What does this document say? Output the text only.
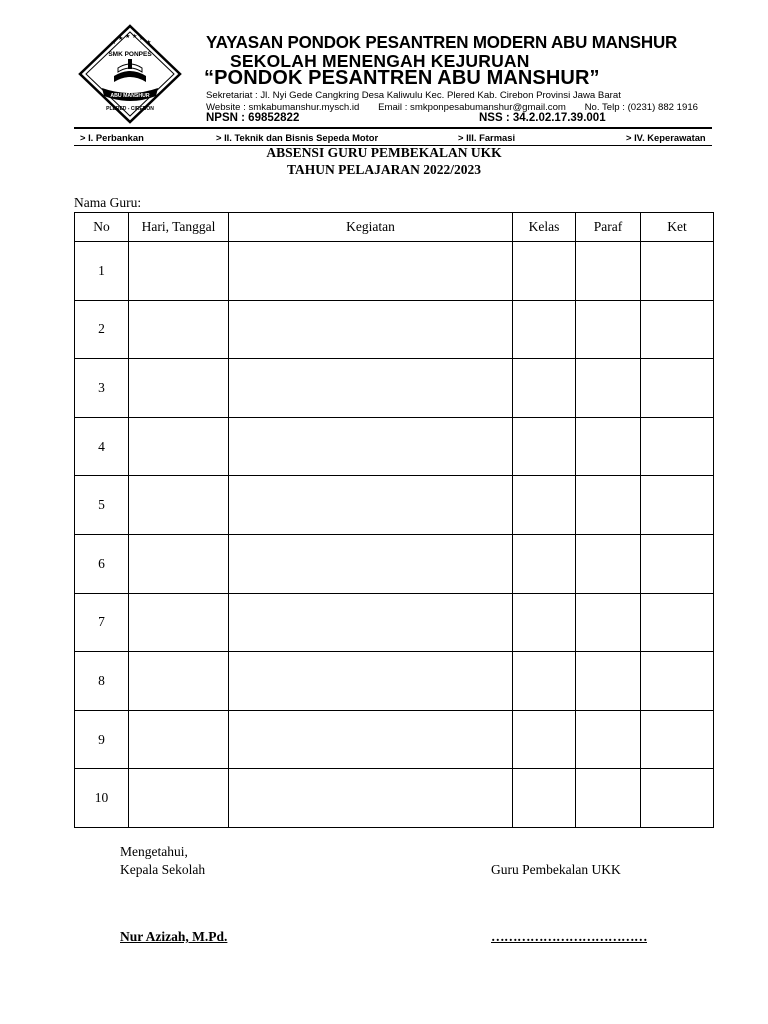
★
★ ★ ★ ★
★
SMK PONPES
ABU MANSHUR
PLERED - CIREBON
YAYASAN PONDOK PESANTREN MODERN ABU MANSHUR
SEKOLAH MENENGAH KEJURUAN
“PONDOK PESANTREN ABU MANSHUR”
Sekretariat : Jl. Nyi Gede Cangkring Desa Kaliwulu Kec. Plered Kab. Cirebon Provinsi Jawa Barat
Website : smkabumanshur.mysch.id Email : smkponpesabumanshur@gmail.com No. Telp : (0231) 882 1916
NPSN : 69852822	NSS : 34.2.02.17.39.001
> I. Perbankan	> II. Teknik dan Bisnis Sepeda Motor	> III. Farmasi	> IV. Keperawatan
ABSENSI GURU PEMBEKALAN UKK
TAHUN PELAJARAN 2022/2023
Nama Guru:
No	Hari, Tanggal	Kegiatan	Kelas	Paraf	Ket
1					
2					
3					
4					
5					
6					
7					
8					
9					
10					
Mengetahui,
Kepala Sekolah	Guru Pembekalan UKK
Nur Azizah, M.Pd.	………………………………
